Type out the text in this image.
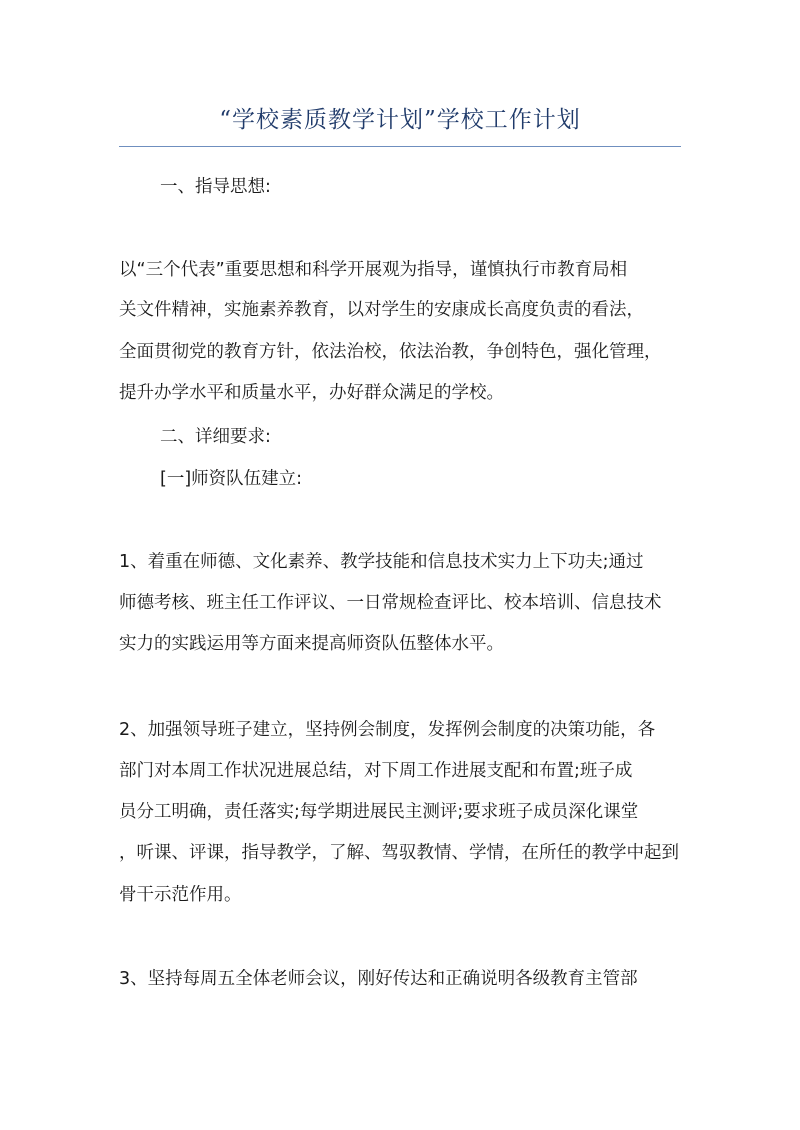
“学校素质教学计划”学校工作计划
一、指导思想:
以“三个代表”重要思想和科学开展观为指导，谨慎执行市教育局相
关文件精神，实施素养教育，以对学生的安康成长高度负责的看法，
全面贯彻党的教育方针，依法治校，依法治教，争创特色，强化管理，
提升办学水平和质量水平，办好群众满足的学校。
二、详细要求:
[一]师资队伍建立:
1、着重在师德、文化素养、教学技能和信息技术实力上下功夫;通过
师德考核、班主任工作评议、一日常规检查评比、校本培训、信息技术
实力的实践运用等方面来提高师资队伍整体水平。
2、加强领导班子建立，坚持例会制度，发挥例会制度的决策功能，各
部门对本周工作状况进展总结，对下周工作进展支配和布置;班子成
员分工明确，责任落实;每学期进展民主测评;要求班子成员深化课堂
，听课、评课，指导教学，了解、驾驭教情、学情，在所任的教学中起到
骨干示范作用。
3、坚持每周五全体老师会议，刚好传达和正确说明各级教育主管部
